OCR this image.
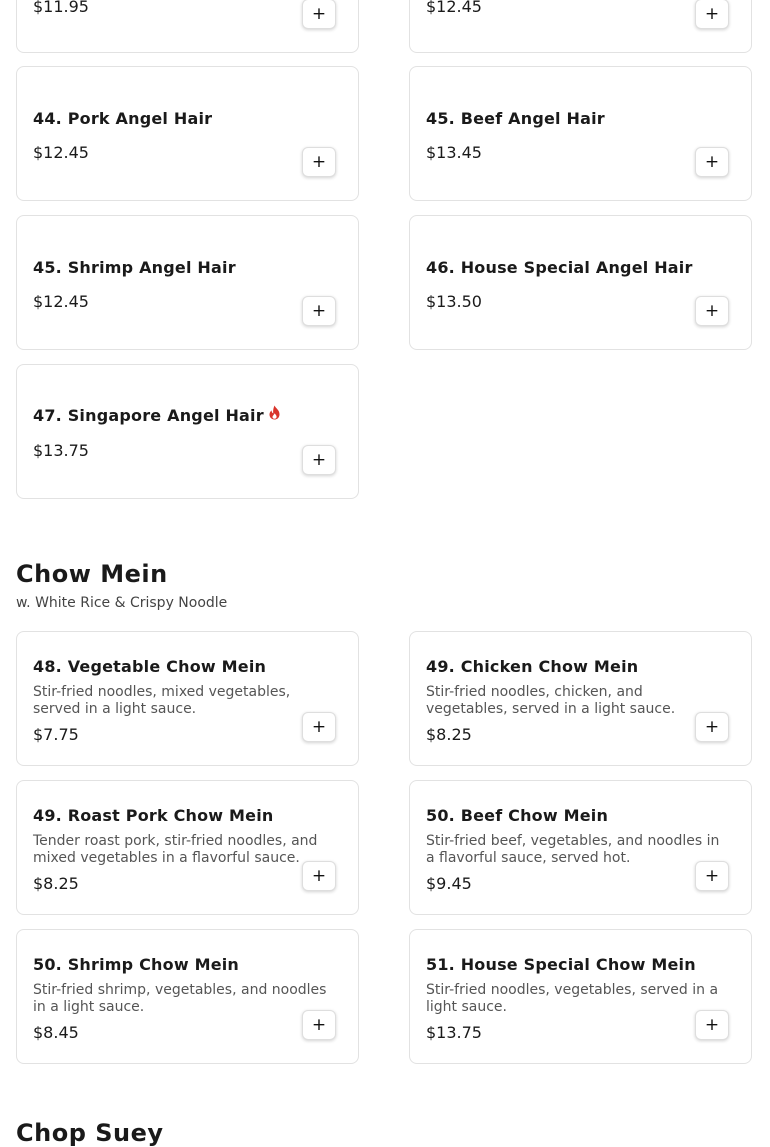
$11.95	+	$12.45	+
44. Pork Angel Hair
$12.45	+
45. Beef Angel Hair
$13.45	+
45. Shrimp Angel Hair
$12.45	+
46. House Special Angel Hair
$13.50	+
47. Singapore Angel Hair
$13.75	+
Chow Mein
w. White Rice & Crispy Noodle
48. Vegetable Chow Mein
Stir-fried noodles, mixed vegetables, served in a light sauce.
$7.75	+
49. Chicken Chow Mein
Stir-fried noodles, chicken, and vegetables, served in a light sauce.
$8.25	+
49. Roast Pork Chow Mein
Tender roast pork, stir-fried noodles, and mixed vegetables in a flavorful sauce.
$8.25	+
50. Beef Chow Mein
Stir-fried beef, vegetables, and noodles in a flavorful sauce, served hot.
$9.45	+
50. Shrimp Chow Mein
Stir-fried shrimp, vegetables, and noodles in a light sauce.
$8.45	+
51. House Special Chow Mein
Stir-fried noodles, vegetables, served in a light sauce.
$13.75	+
Chop Suey
